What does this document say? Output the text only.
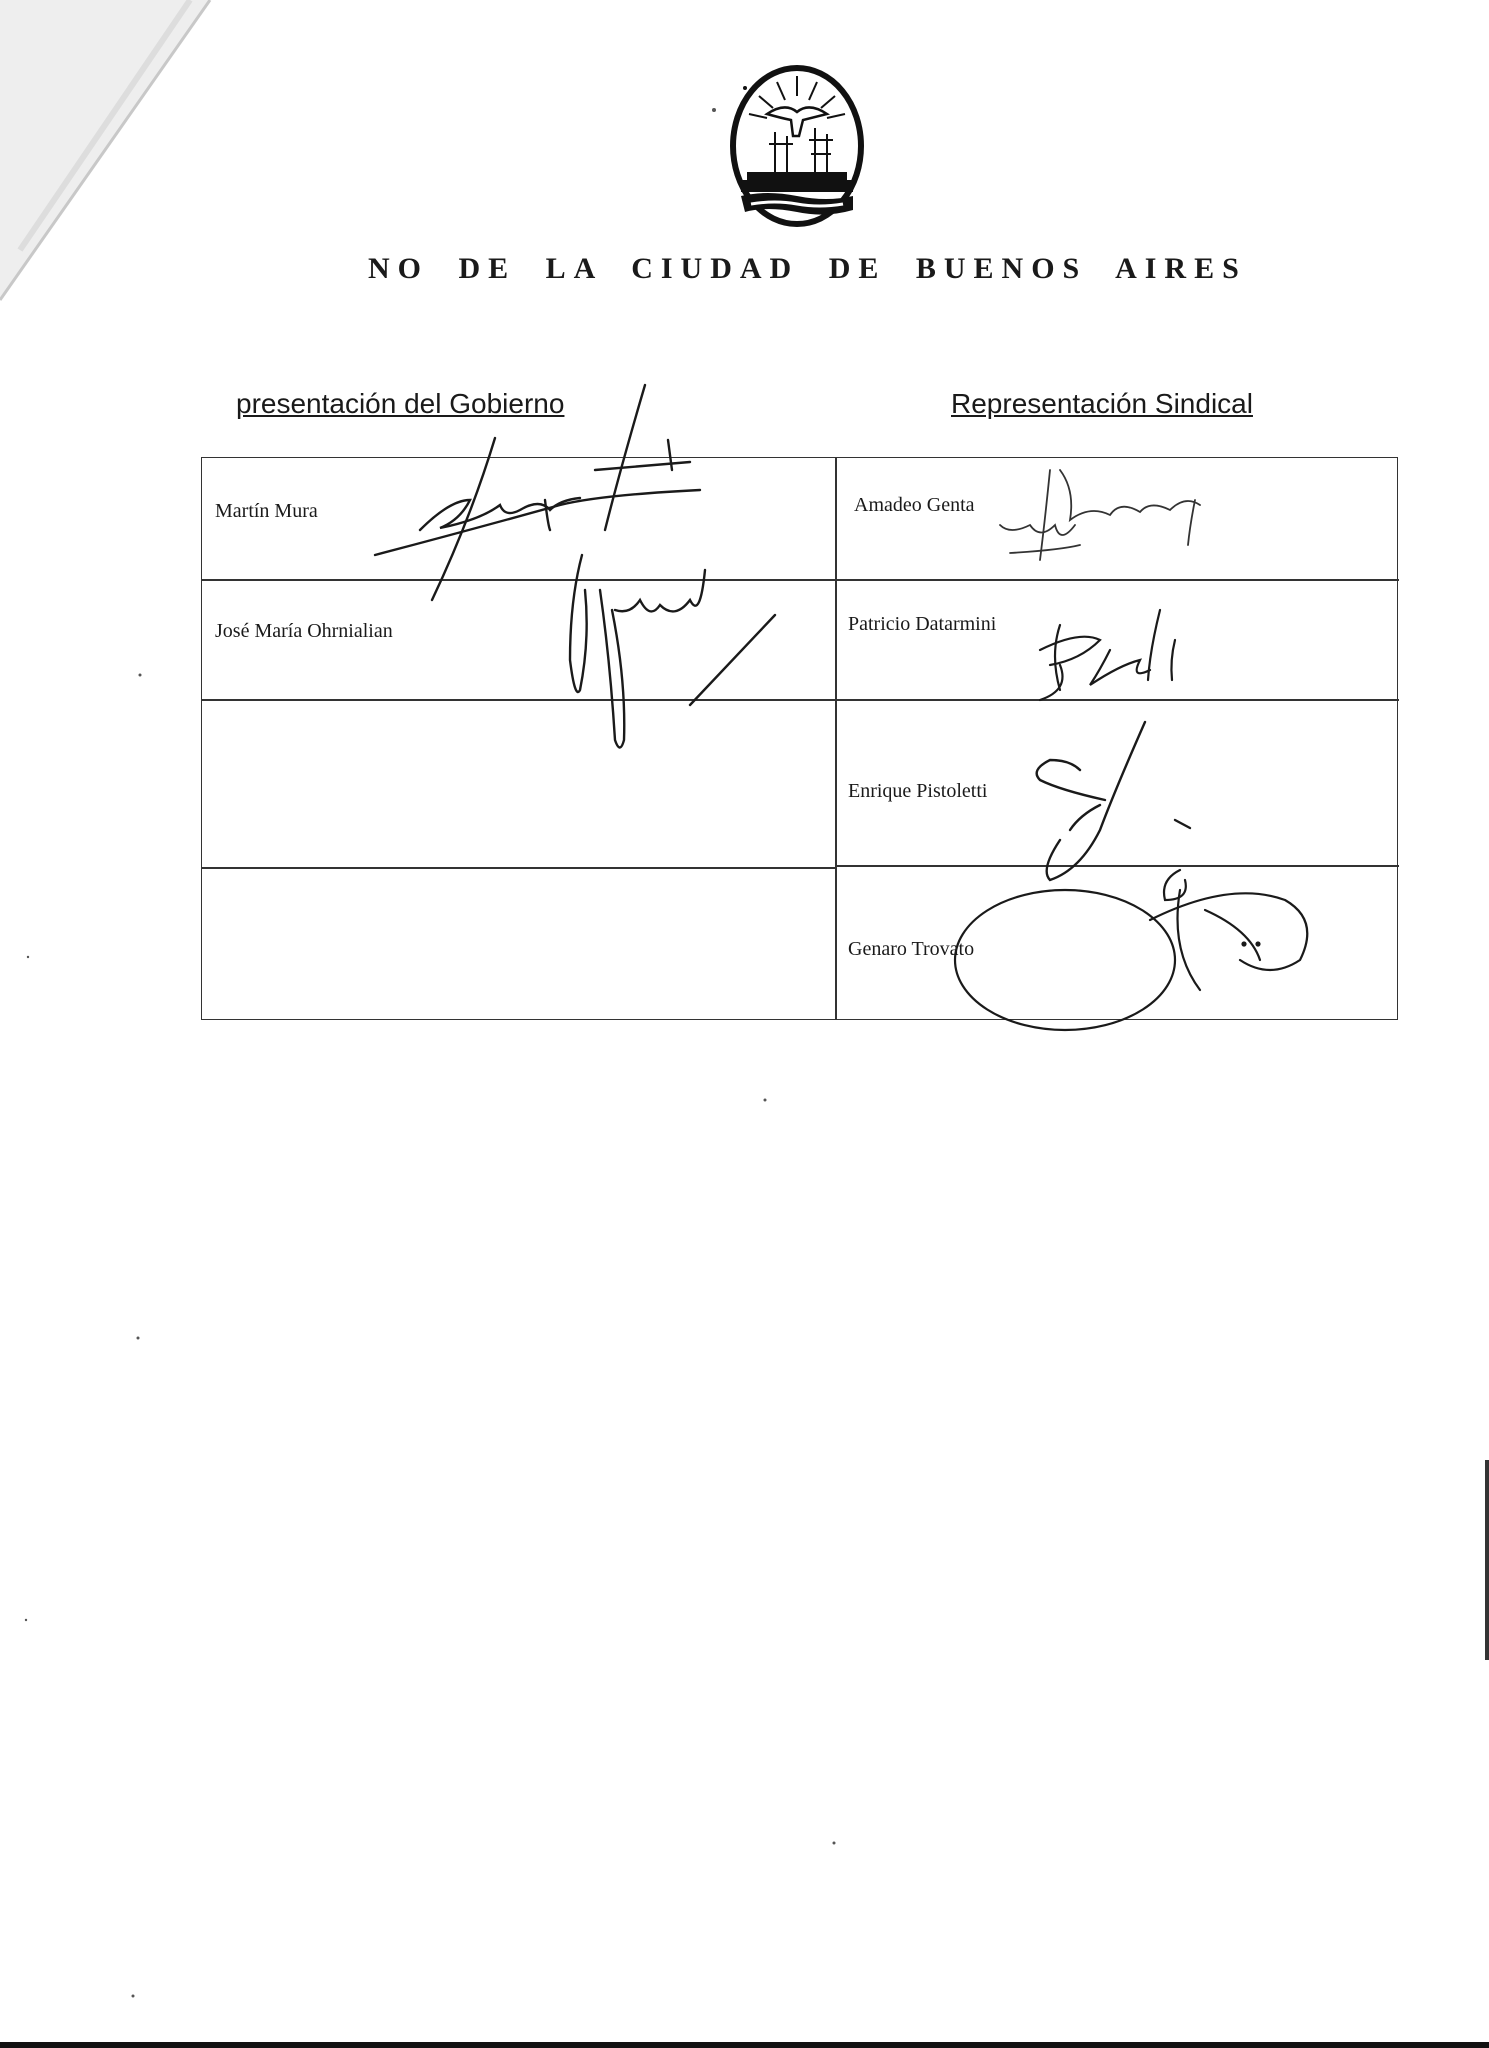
NO DE LA CIUDAD DE BUENOS AIRES
presentación del Gobierno	Representación Sindical
Martín Mura
José María Ohrnialian
Amadeo Genta
Patricio Datarmini
Enrique Pistoletti
Genaro Trovato
